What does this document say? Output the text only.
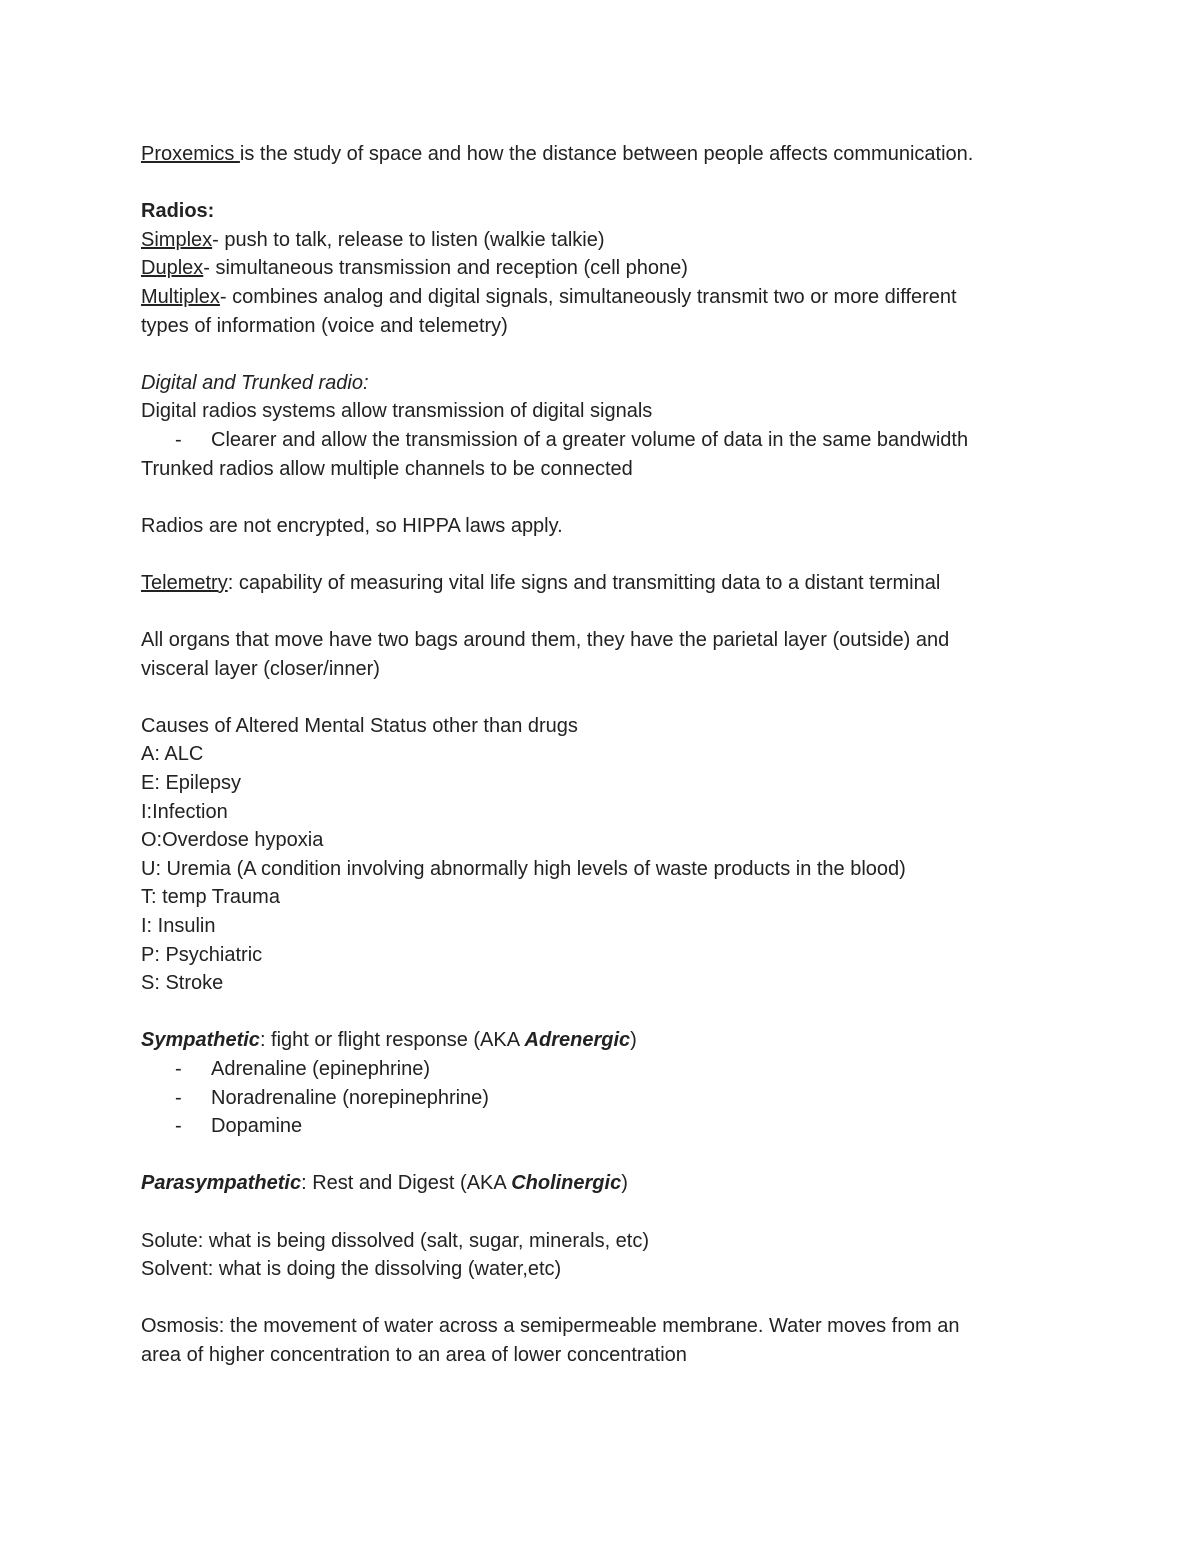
Proxemics is the study of space and how the distance between people affects communication.
Radios:
Simplex- push to talk, release to listen (walkie talkie)
Duplex- simultaneous transmission and reception (cell phone)
Multiplex- combines analog and digital signals, simultaneously transmit two or more different
types of information (voice and telemetry)
Digital and Trunked radio:
Digital radios systems allow transmission of digital signals
- Clearer and allow the transmission of a greater volume of data in the same bandwidth
Trunked radios allow multiple channels to be connected
Radios are not encrypted, so HIPPA laws apply.
Telemetry: capability of measuring vital life signs and transmitting data to a distant terminal
All organs that move have two bags around them, they have the parietal layer (outside) and
visceral layer (closer/inner)
Causes of Altered Mental Status other than drugs
A: ALC
E: Epilepsy
I:Infection
O:Overdose hypoxia
U: Uremia (A condition involving abnormally high levels of waste products in the blood)
T: temp Trauma
I: Insulin
P: Psychiatric
S: Stroke
Sympathetic: fight or flight response (AKA Adrenergic)
- Adrenaline (epinephrine)
- Noradrenaline (norepinephrine)
- Dopamine
Parasympathetic: Rest and Digest (AKA Cholinergic)
Solute: what is being dissolved (salt, sugar, minerals, etc)
Solvent: what is doing the dissolving (water,etc)
Osmosis: the movement of water across a semipermeable membrane. Water moves from an
area of higher concentration to an area of lower concentration
